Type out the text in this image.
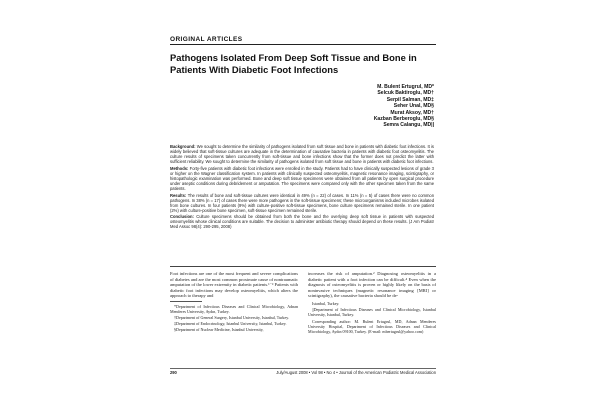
ORIGINAL ARTICLES
Pathogens Isolated From Deep Soft Tissue and Bone in Patients With Diabetic Foot Infections
M. Bulent Ertugrul, MD*
Selcuk Baktiroglu, MD†
Serpil Salman, MD‡
Seher Unal, MD§
Murat Aksoy, MD†
Kazban Berberoglu, MD§
Semra Calangu, MD||

Background: We sought to determine the similarity of pathogens isolated from soft tissue and bone in patients with diabetic foot infections. It is widely believed that soft-tissue cultures are adequate in the determination of causative bacteria in patients with diabetic foot osteomyelitis. The culture results of specimens taken concurrently from soft-tissue and bone infections show that the former does not predict the latter with sufficient reliability. We sought to determine the similarity of pathogens isolated from soft tissue and bone in patients with diabetic foot infections.

Methods: Forty-five patients with diabetic foot infections were enrolled in the study. Patients had to have clinically suspected lesions of grade 3 or higher on the Wagner classification system. In patients with clinically suspected osteomyelitis, magnetic resonance imaging, scintigraphy, or histopathologic examination was performed. Bone and deep soft tissue specimens were obtained from all patients by open surgical procedure under aseptic conditions during debridement or amputation. The specimens were compared only with the other specimen taken from the same patients.

Results: The results of bone and soft-tissue cultures were identical in 49% (n = 22) of cases. In 11% (n = 5) of cases there were no common pathogens. In 38% (n = 17) of cases there were more pathogens in the soft-tissue specimens; these microorganisms included microbes isolated from bone cultures. In four patients (9%) with culture-positive soft-tissue specimens, bone culture specimens remained sterile. In one patient (2%) with culture-positive bone specimen, soft-tissue specimen remained sterile.

Conclusion: Culture specimens should be obtained from both the bone and the overlying deep soft tissue in patients with suspected osteomyelitis whose clinical conditions are suitable. The decision to administer antibiotic therapy should depend on these results. (J Am Podiatr Med Assoc 98(4): 290-295, 2008)

Foot infections are one of the most frequent and severe complications of diabetes and are the most common proximate cause of nontraumatic amputation of the lower extremity in diabetic patients.¹⁻³ Patients with diabetic foot infections may develop osteomyelitis, which alters the approach to therapy and

*Department of Infectious Diseases and Clinical Microbiology, Adnan Menderes University, Aydın, Turkey.

†Department of General Surgery, Istanbul University, Istanbul, Turkey.

‡Department of Endocrinology, Istanbul University, Istanbul, Turkey.

§Department of Nuclear Medicine, Istanbul University,

increases the risk of amputation.² Diagnosing osteomyelitis in a diabetic patient with a foot infection can be difficult.⁴ Even when the diagnosis of osteomyelitis is proven or highly likely on the basis of noninvasive techniques (magnetic resonance imaging [MRI] or scintigraphy), the causative bacteria should be de-

Istanbul, Turkey.

||Department of Infectious Diseases and Clinical Microbiology, Istanbul University, Istanbul, Turkey.

Corresponding author: M. Bulent Ertugrul, MD, Adnan Menderes University Hospital, Department of Infectious Diseases and Clinical Microbiology, Aydın 09100, Turkey. (E-mail: mbertugrul@yahoo.com)

290	July/August 2008 • Vol 98 • No 4 • Journal of the American Podiatric Medical Association
